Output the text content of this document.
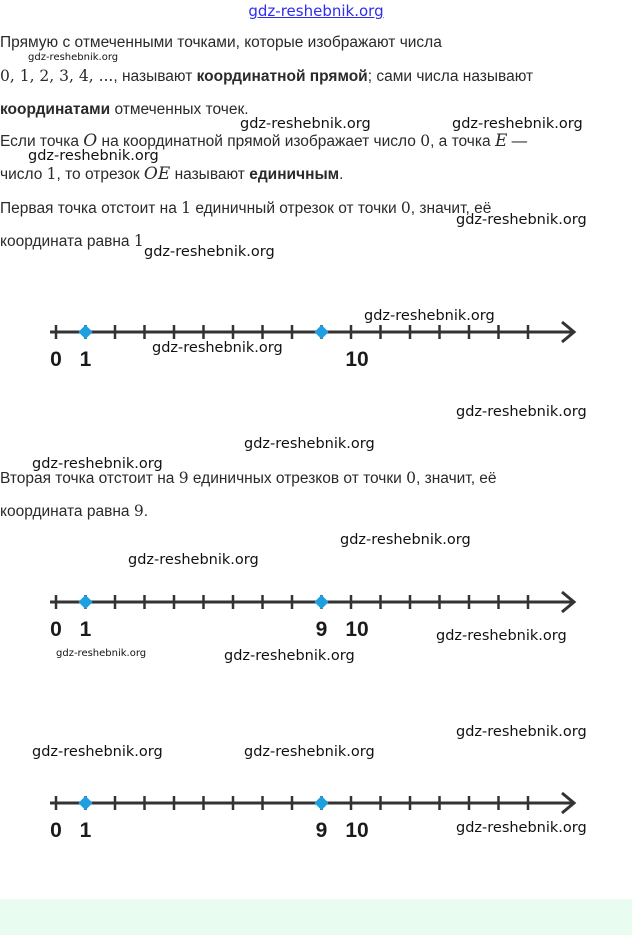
gdz-reshebnik.org
Прямую с отмеченными точками, которые изображают числа
0, 1, 2, 3, 4, ..., называют координатной прямой; сами числа называют
координатами отмеченных точек.
Если точка O на координатной прямой изображает число 0, а точка E —
число 1, то отрезок OE называют единичным.
Первая точка отстоит на 1 единичный отрезок от точки 0, значит, её
координата равна 1
0 1	10
Вторая точка отстоит на 9 единичных отрезков от точки 0, значит, её
координата равна 9.
0 1	9 10
0 1	9 10
gdz-reshebnik.org
gdz-reshebnik.org	gdz-reshebnik.org
gdz-reshebnik.org
gdz-reshebnik.org
gdz-reshebnik.org
gdz-reshebnik.org
gdz-reshebnik.org
gdz-reshebnik.org
gdz-reshebnik.org
gdz-reshebnik.org
gdz-reshebnik.org
gdz-reshebnik.org
gdz-reshebnik.org
gdz-reshebnik.org	gdz-reshebnik.org
gdz-reshebnik.org
gdz-reshebnik.org	gdz-reshebnik.org
gdz-reshebnik.org
